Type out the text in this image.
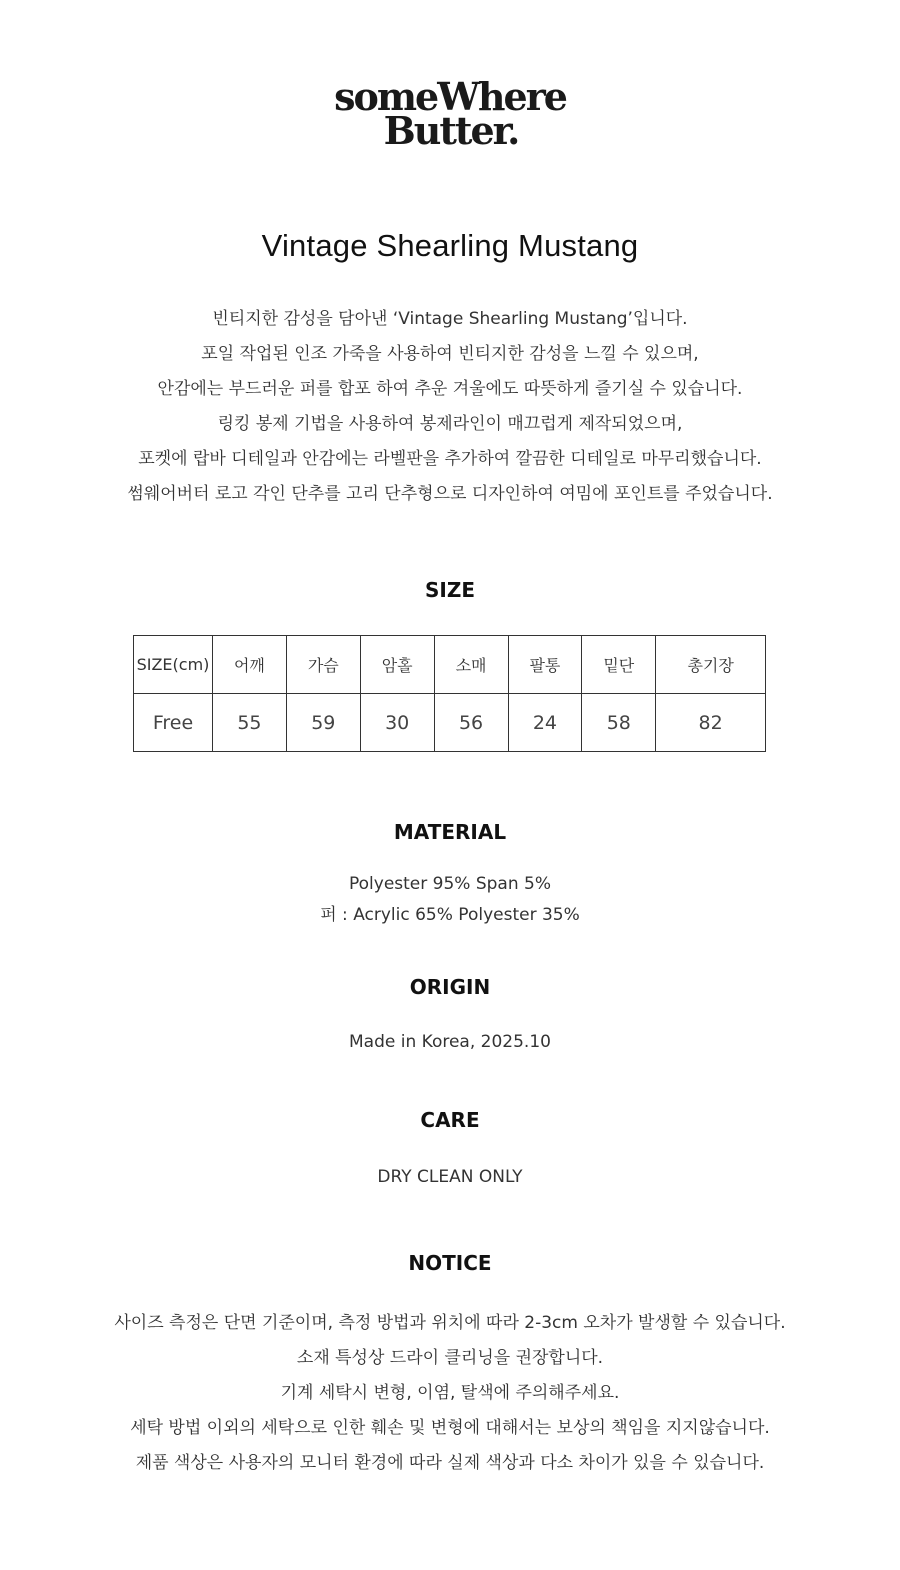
someWhere
Butter.
Vintage Shearling Mustang
빈티지한 감성을 담아낸 ‘Vintage Shearling Mustang’입니다.
포일 작업된 인조 가죽을 사용하여 빈티지한 감성을 느낄 수 있으며,
안감에는 부드러운 퍼를 합포 하여 추운 겨울에도 따뜻하게 즐기실 수 있습니다.
링킹 봉제 기법을 사용하여 봉제라인이 매끄럽게 제작되었으며,
포켓에 랍바 디테일과 안감에는 라벨판을 추가하여 깔끔한 디테일로 마무리했습니다.
썸웨어버터 로고 각인 단추를 고리 단추형으로 디자인하여 여밈에 포인트를 주었습니다.
SIZE
SIZE(cm)	어깨	가슴	암홀	소매	팔통	밑단	총기장
Free	55	59	30	56	24	58	82
MATERIAL
Polyester 95% Span 5%
퍼 : Acrylic 65% Polyester 35%
ORIGIN
Made in Korea, 2025.10
CARE
DRY CLEAN ONLY
NOTICE
사이즈 측정은 단면 기준이며, 측정 방법과 위치에 따라 2-3cm 오차가 발생할 수 있습니다.
소재 특성상 드라이 클리닝을 권장합니다.
기계 세탁시 변형, 이염, 탈색에 주의해주세요.
세탁 방법 이외의 세탁으로 인한 훼손 및 변형에 대해서는 보상의 책임을 지지않습니다.
제품 색상은 사용자의 모니터 환경에 따라 실제 색상과 다소 차이가 있을 수 있습니다.
